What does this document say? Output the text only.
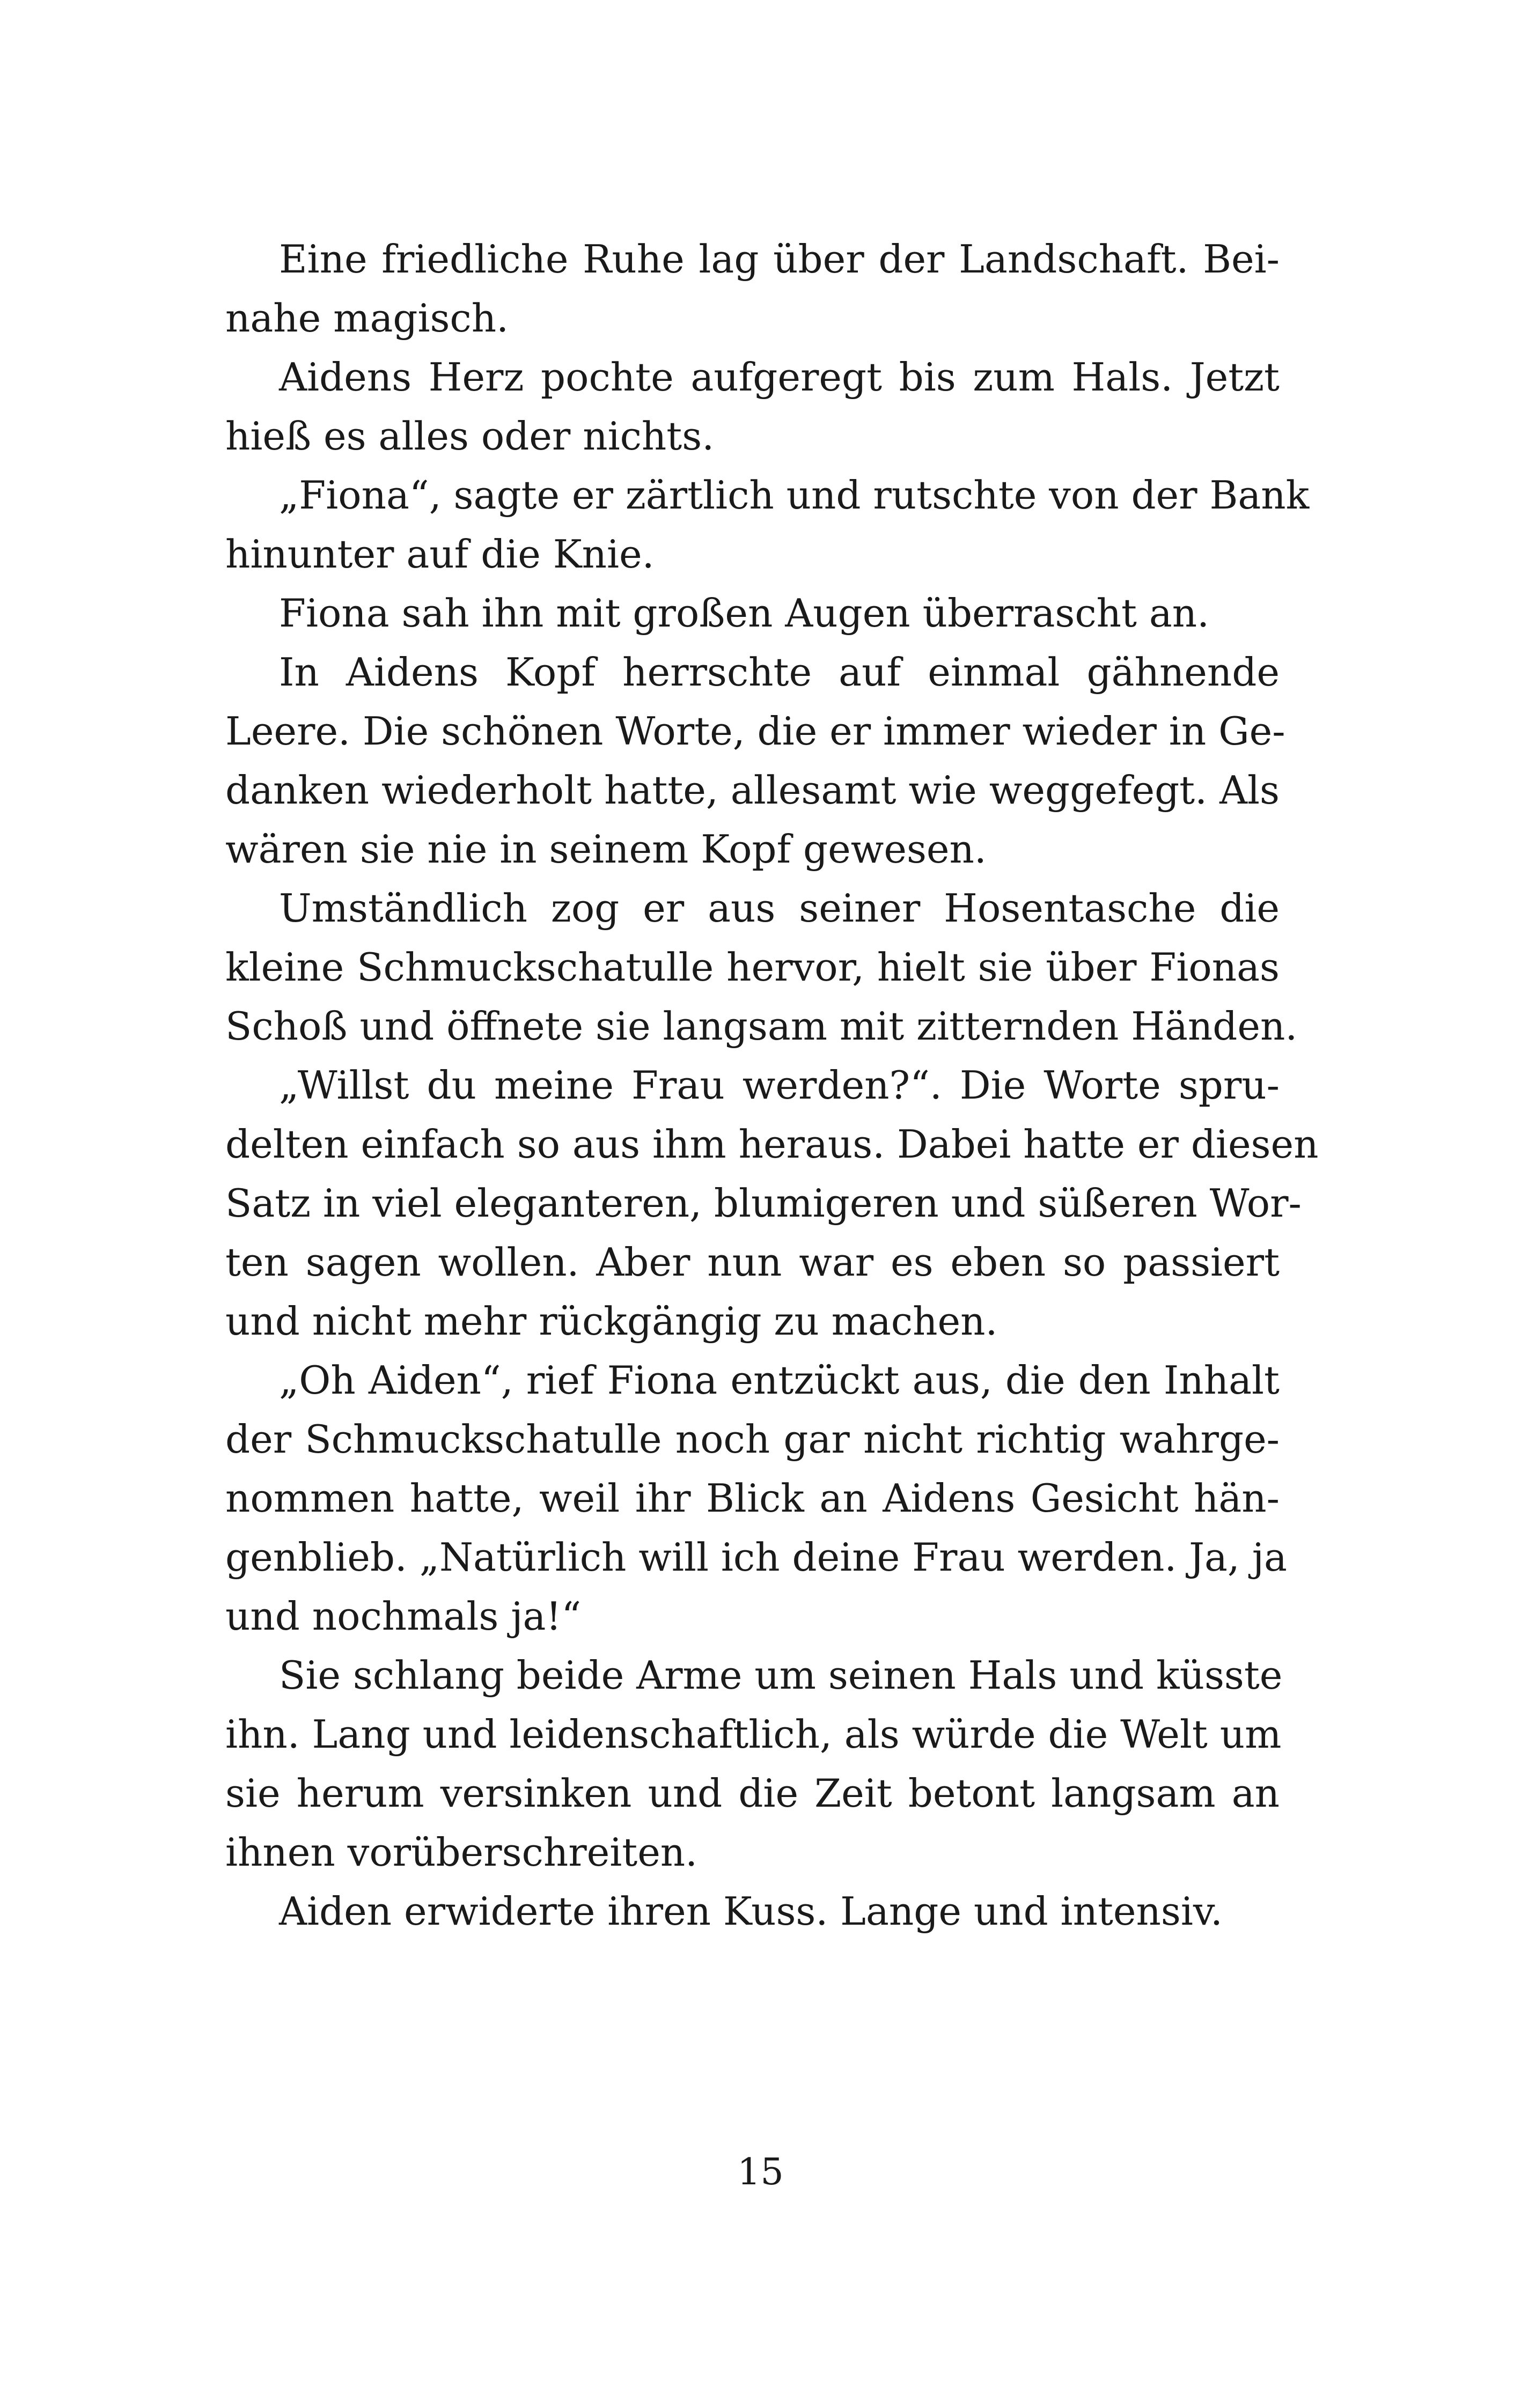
Eine friedliche Ruhe lag über der Landschaft. Bei-
nahe magisch.
Aidens Herz pochte aufgeregt bis zum Hals. Jetzt
hieß es alles oder nichts.
„Fiona“, sagte er zärtlich und rutschte von der Bank
hinunter auf die Knie.
Fiona sah ihn mit großen Augen überrascht an.
In Aidens Kopf herrschte auf einmal gähnende
Leere. Die schönen Worte, die er immer wieder in Ge-
danken wiederholt hatte, allesamt wie weggefegt. Als
wären sie nie in seinem Kopf gewesen.
Umständlich zog er aus seiner Hosentasche die
kleine Schmuckschatulle hervor, hielt sie über Fionas
Schoß und öffnete sie langsam mit zitternden Händen.
„Willst du meine Frau werden?“. Die Worte spru-
delten einfach so aus ihm heraus. Dabei hatte er diesen
Satz in viel eleganteren, blumigeren und süßeren Wor-
ten sagen wollen. Aber nun war es eben so passiert
und nicht mehr rückgängig zu machen.
„Oh Aiden“, rief Fiona entzückt aus, die den Inhalt
der Schmuckschatulle noch gar nicht richtig wahrge-
nommen hatte, weil ihr Blick an Aidens Gesicht hän-
genblieb. „Natürlich will ich deine Frau werden. Ja, ja
und nochmals ja!“
Sie schlang beide Arme um seinen Hals und küsste
ihn. Lang und leidenschaftlich, als würde die Welt um
sie herum versinken und die Zeit betont langsam an
ihnen vorüberschreiten.
Aiden erwiderte ihren Kuss. Lange und intensiv.
15
